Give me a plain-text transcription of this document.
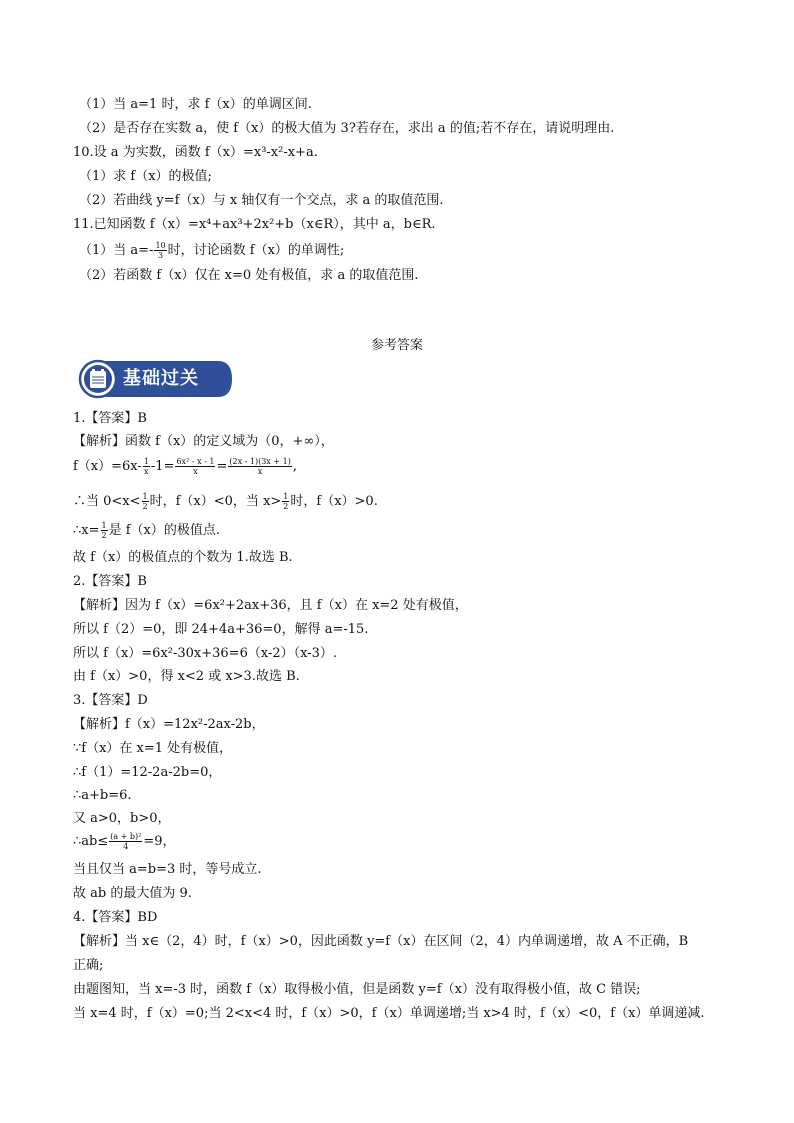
（1）当 a=1 时，求 f（x）的单调区间.
（2）是否存在实数 a，使 f（x）的极大值为 3?若存在，求出 a 的值;若不存在，请说明理由.
10.设 a 为实数，函数 f（x）=x³-x²-x+a.
（1）求 f（x）的极值;
（2）若曲线 y=f（x）与 x 轴仅有一个交点，求 a 的取值范围.
11.已知函数 f（x）=x⁴+ax³+2x²+b（x∈R），其中 a，b∈R.
（1）当 $a=- \frac{10}{3}$ 时，讨论函数 f（x）的单调性;
（2）若函数 f（x）仅在 x=0 处有极值，求 a 的取值范围.
参考答案
基础过关
1.【答案】B
【解析】函数 f（x）的定义域为（0，+∞），
$f(x)=6x- \frac{1}{x} -1= \frac{\text{6x² - x - 1}}{x} = \frac{(2x - 1)(3x + 1)}{x}$ ,
∴当 $0<x< \frac{1}{2}$ 时，f（x）<0，当 $x> \frac{1}{2}$ 时，f（x）>0.
∴x= $\frac{1}{2}$ 是 f（x）的极值点.
故 f（x）的极值点的个数为 1.故选 B.
2.【答案】B
【解析】因为 f（x）=6x²+2ax+36，且 f（x）在 x=2 处有极值，
所以 f（2）=0，即 24+4a+36=0，解得 a=-15.
所以 f（x）=6x²-30x+36=6（x-2）（x-3）.
由 f（x）>0，得 x<2 或 x>3.故选 B.
3.【答案】D
【解析】f（x）=12x²-2ax-2b，
∵f（x）在 x=1 处有极值，
∴f（1）=12-2a-2b=0，
∴a+b=6.
又 a>0，b>0，
∴ab≤ $\frac{\text{(a + b)²}}{4} =9$，
当且仅当 a=b=3 时，等号成立.
故 ab 的最大值为 9.
4.【答案】BD
【解析】当 x∈（2，4）时，f（x）>0，因此函数 y=f（x）在区间（2，4）内单调递增，故 A 不正确，B
正确;
由题图知，当 x=-3 时，函数 f（x）取得极小值，但是函数 y=f（x）没有取得极小值，故 C 错误;
当 x=4 时，f（x）=0;当 2<x<4 时，f（x）>0，f（x）单调递增;当 x>4 时，f（x）<0，f（x）单调递减.
